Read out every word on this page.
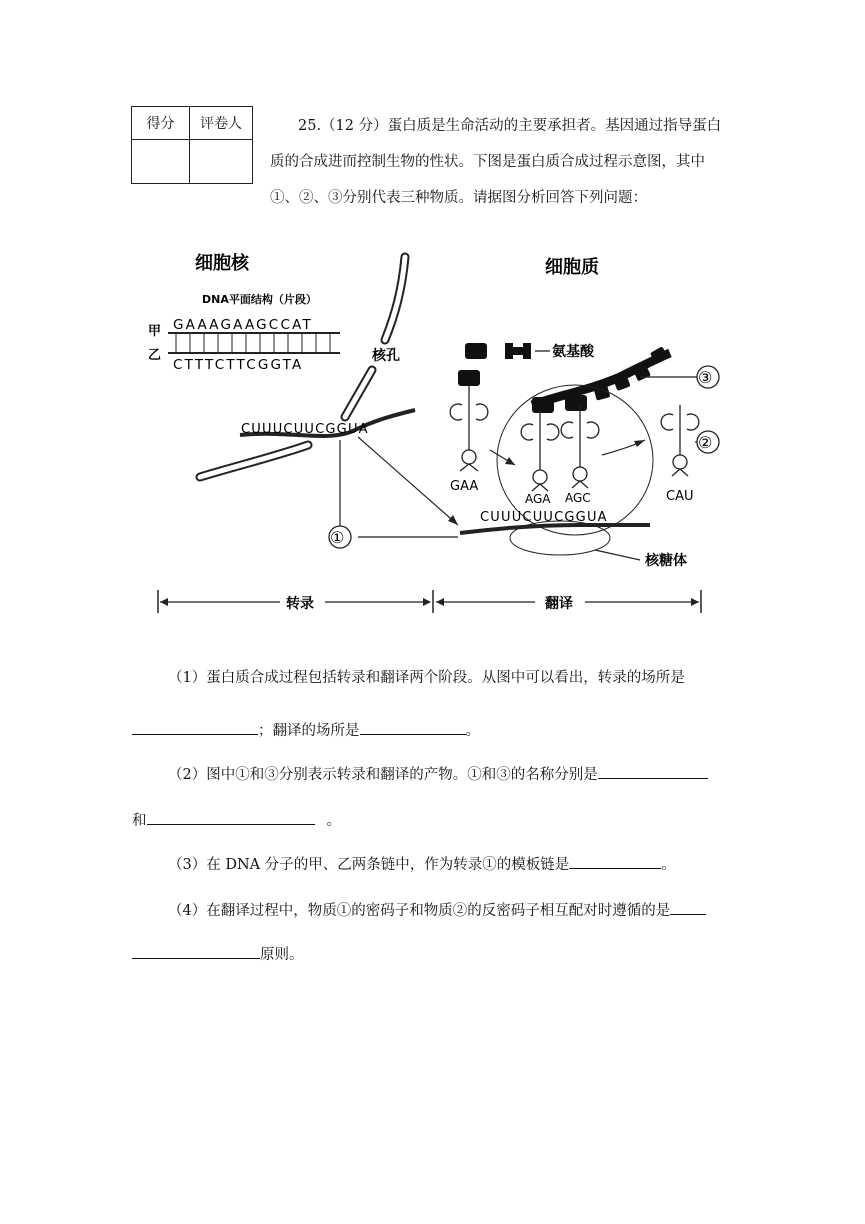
得分	评卷人
		25.（12 分）蛋白质是生命活动的主要承担者。基因通过指导蛋白
质的合成进而控制生物的性状。下图是蛋白质合成过程示意图，其中
①、②、③分别代表三种物质。请据图分析回答下列问题：
细胞核	细胞质
DNA平面结构（片段）
甲
乙
GAAAGAAGCCAT
CTTTCTTCGGTA
核孔
CUUUCUUCGGUA
①
氨基酸
③
GAA
AGA AGC	CAU
②
CUUUCUUCGGUA
核糖体
转录	翻译
（1）蛋白质合成过程包括转录和翻译两个阶段。从图中可以看出，转录的场所是
；翻译的场所是	。
（2）图中①和③分别表示转录和翻译的产物。①和③的名称分别是
和	。
（3）在 DNA 分子的甲、乙两条链中，作为转录①的模板链是	。
（4）在翻译过程中，物质①的密码子和物质②的反密码子相互配对时遵循的是
原则。
